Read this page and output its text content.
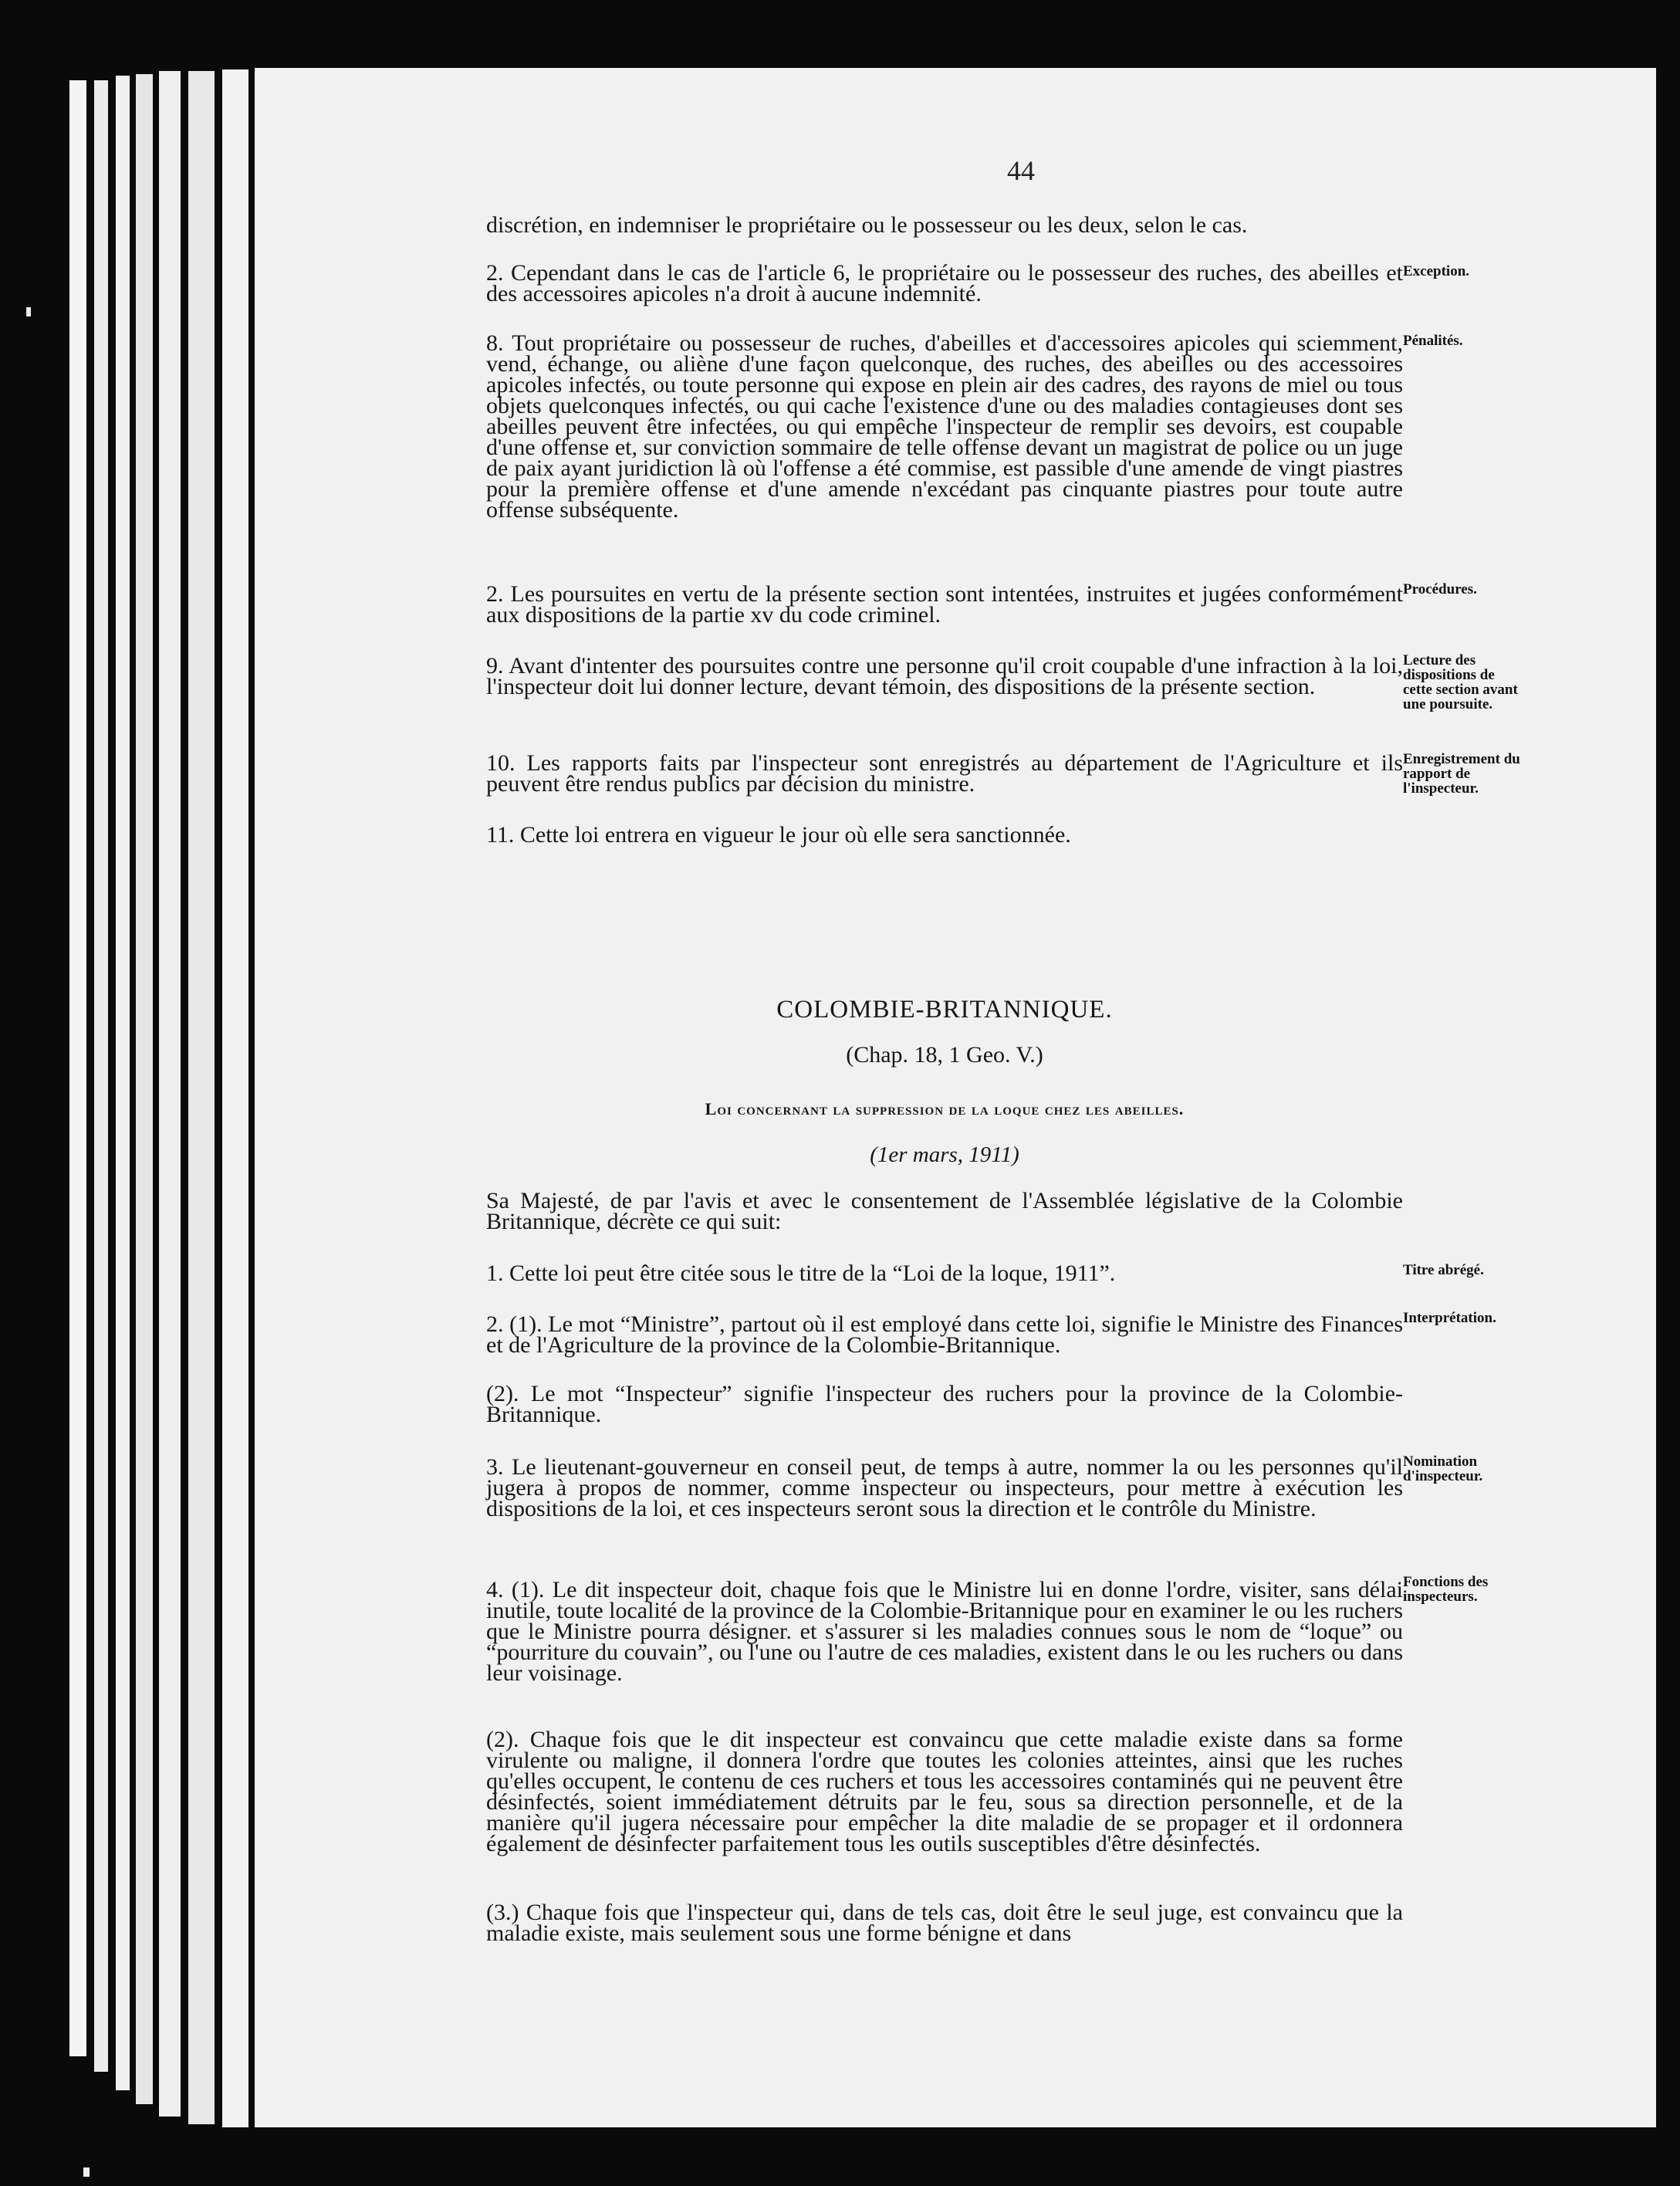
44
discrétion, en indemniser le propriétaire ou le possesseur ou les deux, selon le cas.
2. Cependant dans le cas de l'article 6, le propriétaire ou le possesseur des ruches, des abeilles et des accessoires apicoles n'a droit à aucune indemnité.
8. Tout propriétaire ou possesseur de ruches, d'abeilles et d'accessoires apicoles qui sciemment, vend, échange, ou aliène d'une façon quelconque, des ruches, des abeilles ou des accessoires apicoles infectés, ou toute personne qui expose en plein air des cadres, des rayons de miel ou tous objets quelconques infectés, ou qui cache l'existence d'une ou des maladies contagieuses dont ses abeilles peuvent être infectées, ou qui empêche l'inspecteur de remplir ses devoirs, est coupable d'une offense et, sur conviction sommaire de telle offense devant un magistrat de police ou un juge de paix ayant juridiction là où l'offense a été commise, est passible d'une amende de vingt piastres pour la première offense et d'une amende n'excédant pas cinquante piastres pour toute autre offense subséquente.
2. Les poursuites en vertu de la présente section sont intentées, instruites et jugées conformément aux dispositions de la partie xv du code criminel.
9. Avant d'intenter des poursuites contre une personne qu'il croit coupable d'une infraction à la loi, l'inspecteur doit lui donner lecture, devant témoin, des dispositions de la présente section.
10. Les rapports faits par l'inspecteur sont enregistrés au département de l'Agriculture et ils peuvent être rendus publics par décision du ministre.
11. Cette loi entrera en vigueur le jour où elle sera sanctionnée.
COLOMBIE-BRITANNIQUE.
(Chap. 18, 1 Geo. V.)
Loi concernant la suppression de la loque chez les abeilles.
(1er mars, 1911)
Sa Majesté, de par l'avis et avec le consentement de l'Assemblée législative de la Colombie Britannique, décrète ce qui suit:
1. Cette loi peut être citée sous le titre de la “Loi de la loque, 1911”.
2. (1). Le mot “Ministre”, partout où il est employé dans cette loi, signifie le Ministre des Finances et de l'Agriculture de la province de la Colombie-Britannique.
(2). Le mot “Inspecteur” signifie l'inspecteur des ruchers pour la province de la Colombie-Britannique.
3. Le lieutenant-gouverneur en conseil peut, de temps à autre, nommer la ou les personnes qu'il jugera à propos de nommer, comme inspecteur ou inspecteurs, pour mettre à exécution les dispositions de la loi, et ces inspecteurs seront sous la direction et le contrôle du Ministre.
4. (1). Le dit inspecteur doit, chaque fois que le Ministre lui en donne l'ordre, visiter, sans délai inutile, toute localité de la province de la Colombie-Britannique pour en examiner le ou les ruchers que le Ministre pourra désigner. et s'assurer si les maladies connues sous le nom de “loque” ou “pourriture du couvain”, ou l'une ou l'autre de ces maladies, existent dans le ou les ruchers ou dans leur voisinage.
(2). Chaque fois que le dit inspecteur est convaincu que cette maladie existe dans sa forme virulente ou maligne, il donnera l'ordre que toutes les colonies atteintes, ainsi que les ruches qu'elles occupent, le contenu de ces ruchers et tous les accessoires contaminés qui ne peuvent être désinfectés, soient immédiatement détruits par le feu, sous sa direction personnelle, et de la manière qu'il jugera nécessaire pour empêcher la dite maladie de se propager et il ordonnera également de désinfecter parfaitement tous les outils susceptibles d'être désinfectés.
(3.) Chaque fois que l'inspecteur qui, dans de tels cas, doit être le seul juge, est convaincu que la maladie existe, mais seulement sous une forme bénigne et dans
Exception.
Pénalités.
Procédures.
Lecture des dispositions de cette section avant une poursuite.
Enregistrement du rapport de l'inspecteur.
Titre abrégé.
Interprétation.
Nomination d'inspecteur.
Fonctions des inspecteurs.
